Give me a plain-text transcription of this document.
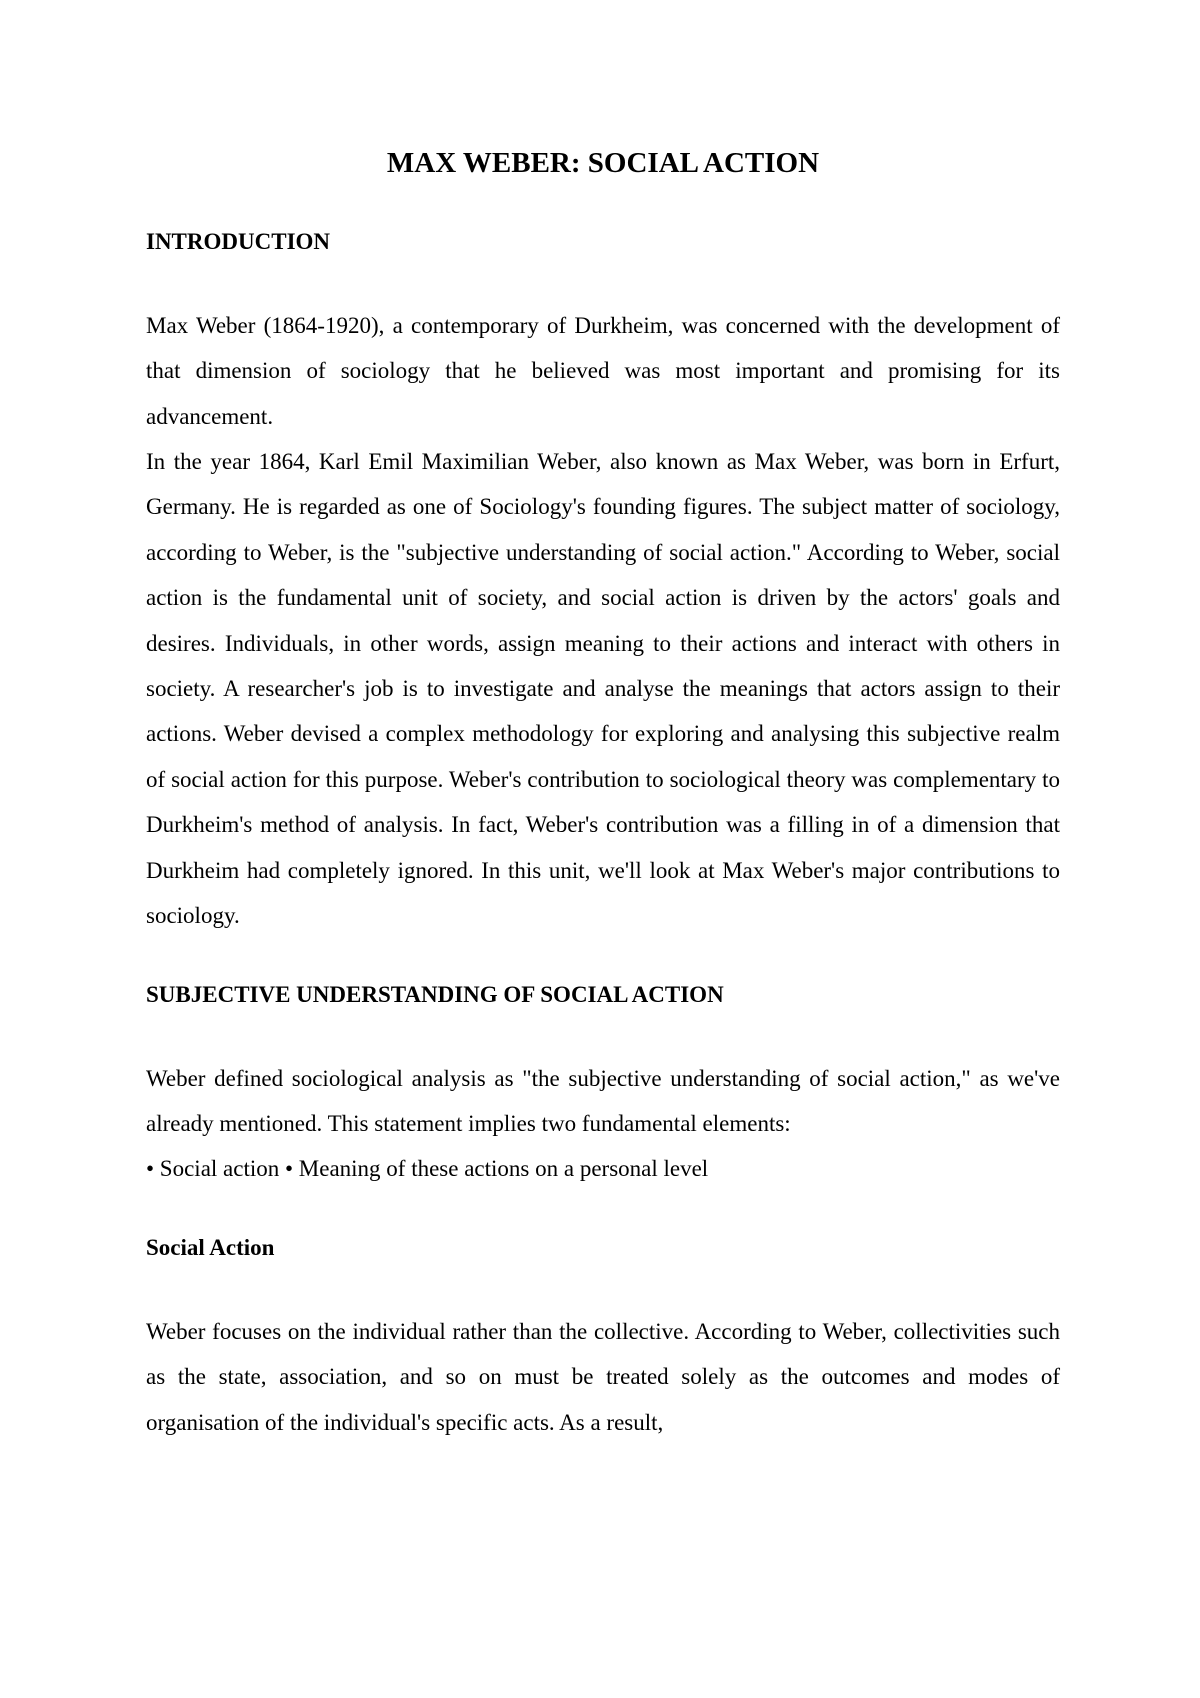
MAX WEBER: SOCIAL ACTION
INTRODUCTION

Max Weber (1864-1920), a contemporary of Durkheim, was concerned with the development of that dimension of sociology that he believed was most important and promising for its advancement.

In the year 1864, Karl Emil Maximilian Weber, also known as Max Weber, was born in Erfurt, Germany. He is regarded as one of Sociology's founding figures. The subject matter of sociology, according to Weber, is the "subjective understanding of social action." According to Weber, social action is the fundamental unit of society, and social action is driven by the actors' goals and desires. Individuals, in other words, assign meaning to their actions and interact with others in society. A researcher's job is to investigate and analyse the meanings that actors assign to their actions. Weber devised a complex methodology for exploring and analysing this subjective realm of social action for this purpose. Weber's contribution to sociological theory was complementary to Durkheim's method of analysis. In fact, Weber's contribution was a filling in of a dimension that Durkheim had completely ignored. In this unit, we'll look at Max Weber's major contributions to sociology.

SUBJECTIVE UNDERSTANDING OF SOCIAL ACTION

Weber defined sociological analysis as "the subjective understanding of social action," as we've already mentioned. This statement implies two fundamental elements:

• Social action • Meaning of these actions on a personal level

Social Action

Weber focuses on the individual rather than the collective. According to Weber, collectivities such as the state, association, and so on must be treated solely as the outcomes and modes of organisation of the individual's specific acts. As a result,
